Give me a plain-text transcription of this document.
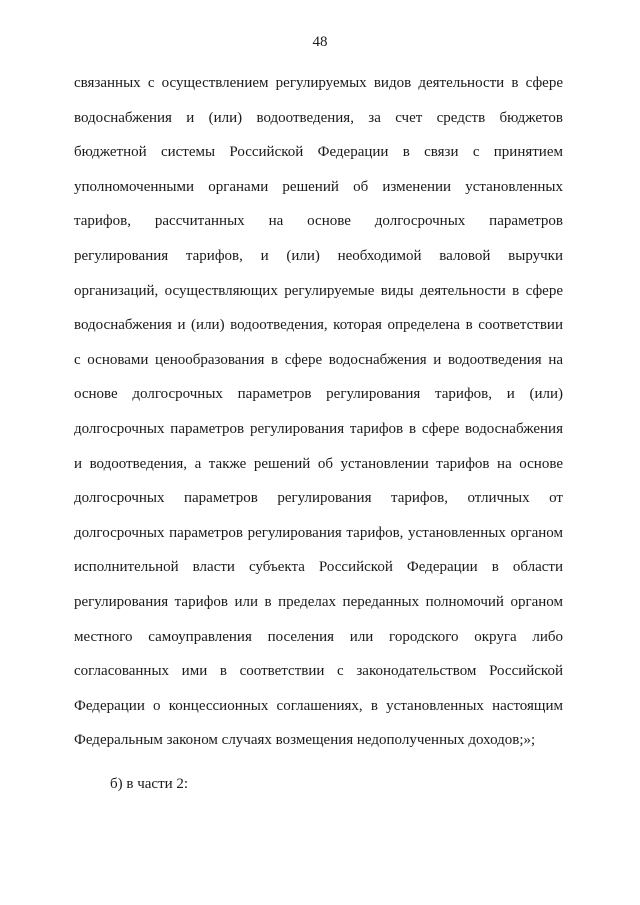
48
связанных с осуществлением регулируемых видов деятельности в сфере
водоснабжения и (или) водоотведения, за счет средств бюджетов
бюджетной системы Российской Федерации в связи с принятием
уполномоченными органами решений об изменении установленных
тарифов, рассчитанных на основе долгосрочных параметров
регулирования тарифов, и (или) необходимой валовой выручки
организаций, осуществляющих регулируемые виды деятельности в сфере
водоснабжения и (или) водоотведения, которая определена в соответствии
с основами ценообразования в сфере водоснабжения и водоотведения на
основе долгосрочных параметров регулирования тарифов, и (или)
долгосрочных параметров регулирования тарифов в сфере водоснабжения
и водоотведения, а также решений об установлении тарифов на основе
долгосрочных параметров регулирования тарифов, отличных от
долгосрочных параметров регулирования тарифов, установленных органом
исполнительной власти субъекта Российской Федерации в области
регулирования тарифов или в пределах переданных полномочий органом
местного самоуправления поселения или городского округа либо
согласованных ими в соответствии с законодательством Российской
Федерации о концессионных соглашениях, в установленных настоящим
Федеральным законом случаях возмещения недополученных доходов;»;
б) в части 2:
